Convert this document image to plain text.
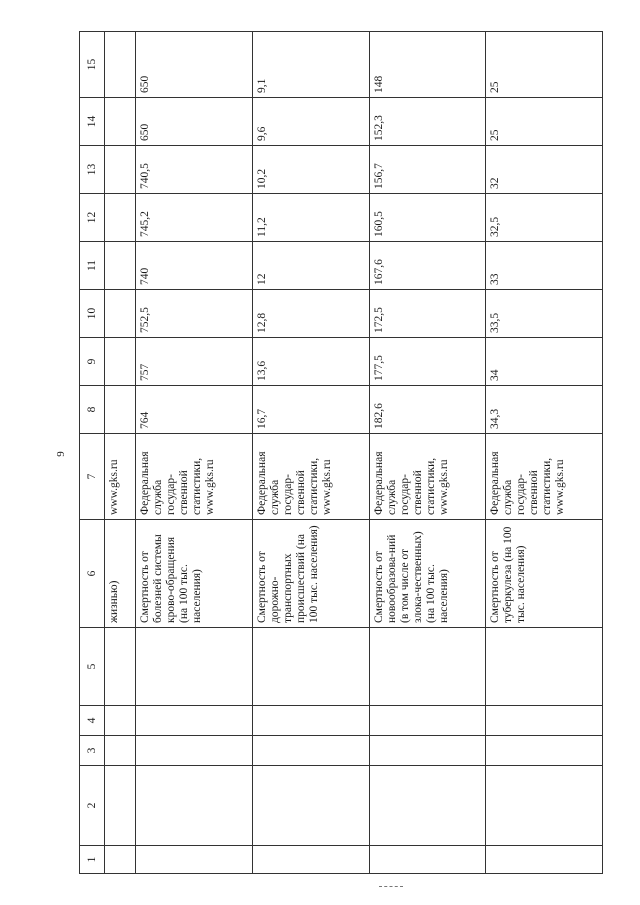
9
1	2	3	4	5	6	7	8	9	10	11	12	13	14	15
					жизнью)	www.gks.ru								
					Смертность от болезней системы крово-обращения (на 100 тыс. населения)	Федеральная служба государ-ственной статистики, www.gks.ru	764	757	752,5	740	745,2	740,5	650	650
					Смертность от дорожно-транспортных происшествий (на 100 тыс. населения)	Федеральная служба государ-ственной статистики, www.gks.ru	16,7	13,6	12,8	12	11,2	10,2	9,6	9,1
					Смертность от новообразова-ний (в том числе от злока-чественных) (на 100 тыс. населения)	Федеральная служба государ-ственной статистики, www.gks.ru	182,6	177,5	172,5	167,6	160,5	156,7	152,3	148
					Смертность от туберкулеза (на 100 тыс. населения)	Федеральная служба государ-ственной статистики, www.gks.ru	34,3	34	33,5	33	32,5	32	25	25
